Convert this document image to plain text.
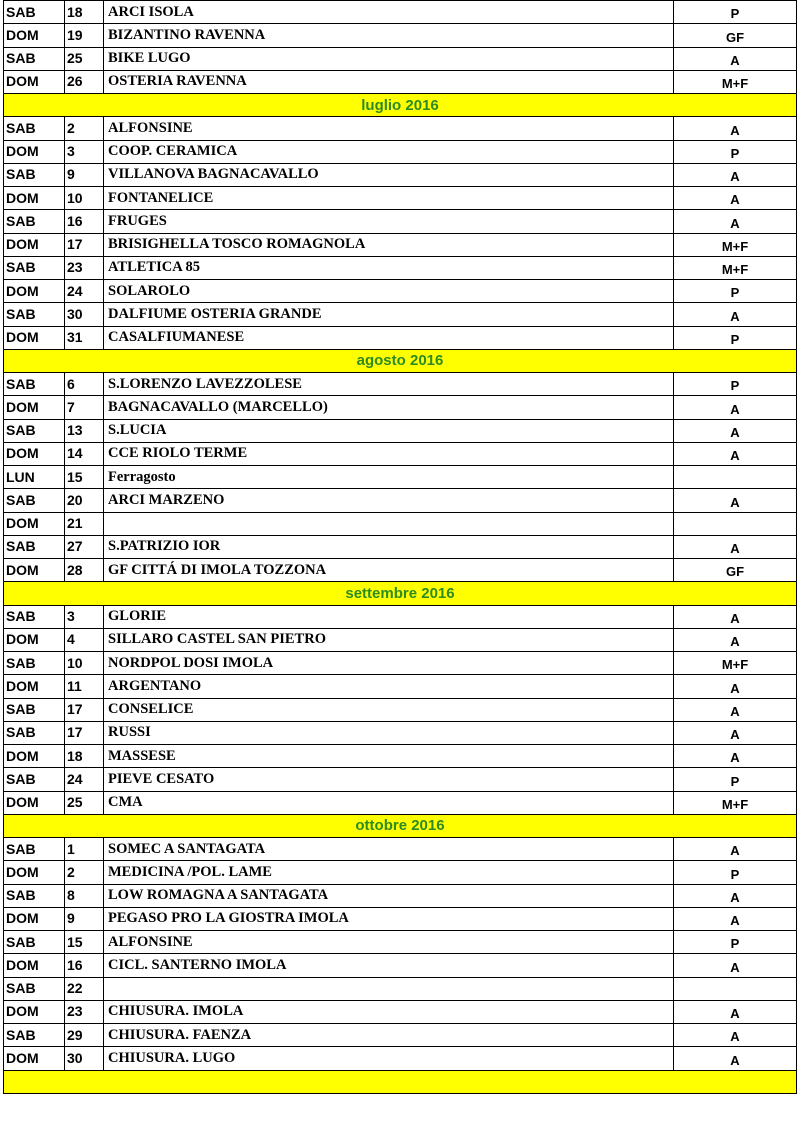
SAB	18	ARCI ISOLA	P
DOM	19	BIZANTINO RAVENNA	GF
SAB	25	BIKE LUGO	A
DOM	26	OSTERIA RAVENNA	M+F
luglio 2016			
SAB	2	ALFONSINE	A
DOM	3	COOP. CERAMICA	P
SAB	9	VILLANOVA BAGNACAVALLO	A
DOM	10	FONTANELICE	A
SAB	16	FRUGES	A
DOM	17	BRISIGHELLA TOSCO ROMAGNOLA	M+F
SAB	23	ATLETICA 85	M+F
DOM	24	SOLAROLO	P
SAB	30	DALFIUME OSTERIA GRANDE	A
DOM	31	CASALFIUMANESE	P
agosto 2016			
SAB	6	S.LORENZO LAVEZZOLESE	P
DOM	7	BAGNACAVALLO (MARCELLO)	A
SAB	13	S.LUCIA	A
DOM	14	CCE RIOLO TERME	A
LUN	15	Ferragosto	
SAB	20	ARCI MARZENO	A
DOM	21		
SAB	27	S.PATRIZIO IOR	A
DOM	28	GF CITTÁ DI IMOLA TOZZONA	GF
settembre 2016			
SAB	3	GLORIE	A
DOM	4	SILLARO CASTEL SAN PIETRO	A
SAB	10	NORDPOL DOSI IMOLA	M+F
DOM	11	ARGENTANO	A
SAB	17	CONSELICE	A
SAB	17	RUSSI	A
DOM	18	MASSESE	A
SAB	24	PIEVE CESATO	P
DOM	25	CMA	M+F
ottobre 2016			
SAB	1	SOMEC A SANTAGATA	A
DOM	2	MEDICINA /POL. LAME	P
SAB	8	LOW ROMAGNA A SANTAGATA	A
DOM	9	PEGASO PRO LA GIOSTRA IMOLA	A
SAB	15	ALFONSINE	P
DOM	16	CICL. SANTERNO IMOLA	A
SAB	22		
DOM	23	CHIUSURA. IMOLA	A
SAB	29	CHIUSURA. FAENZA	A
DOM	30	CHIUSURA. LUGO	A
